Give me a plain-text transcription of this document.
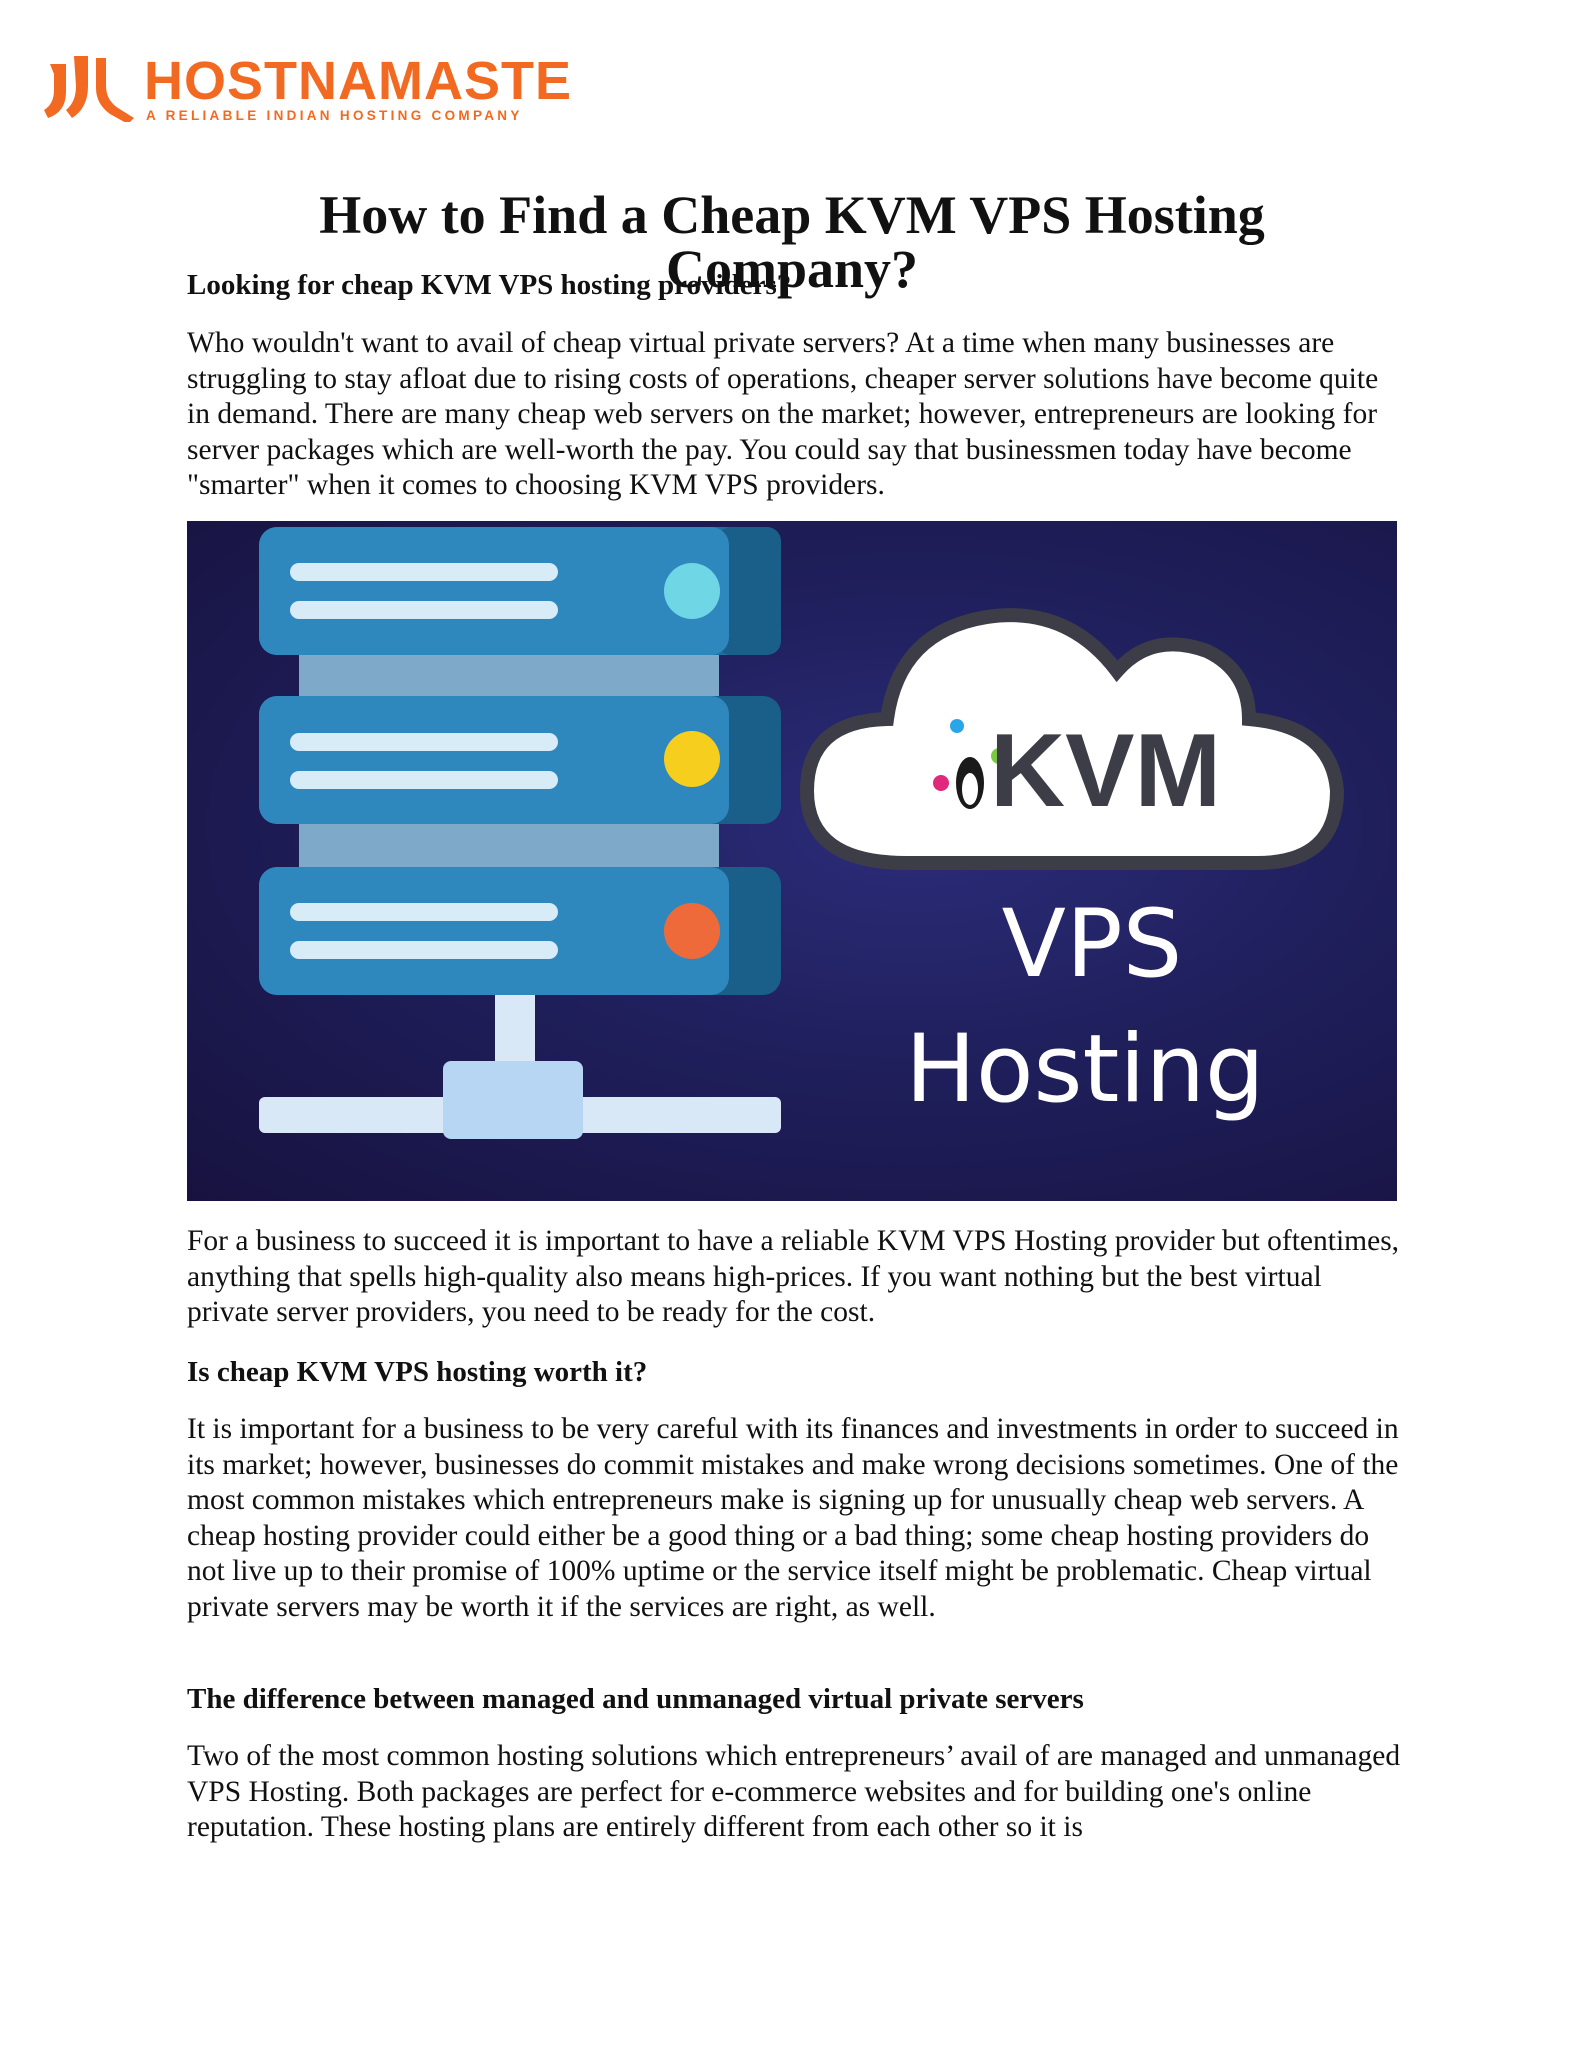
HOSTNAMASTE
A RELIABLE INDIAN HOSTING COMPANY
How to Find a Cheap KVM VPS Hosting Company?
Looking for cheap KVM VPS hosting providers?

Who wouldn't want to avail of cheap virtual private servers? At a time when many businesses are struggling to stay afloat due to rising costs of operations, cheaper server solutions have become quite in demand. There are many cheap web servers on the market; however, entrepreneurs are looking for server packages which are well-worth the pay. You could say that businessmen today have become "smarter" when it comes to choosing KVM VPS providers.

For a business to succeed it is important to have a reliable KVM VPS Hosting provider but oftentimes, anything that spells high-quality also means high-prices. If you want nothing but the best virtual private server providers, you need to be ready for the cost.

Is cheap KVM VPS hosting worth it?

It is important for a business to be very careful with its finances and investments in order to succeed in its market; however, businesses do commit mistakes and make wrong decisions sometimes. One of the most common mistakes which entrepreneurs make is signing up for unusually cheap web servers. A cheap hosting provider could either be a good thing or a bad thing; some cheap hosting providers do not live up to their promise of 100% uptime or the service itself might be problematic. Cheap virtual private servers may be worth it if the services are right, as well.

The difference between managed and unmanaged virtual private servers

Two of the most common hosting solutions which entrepreneurs’ avail of are managed and unmanaged VPS Hosting. Both packages are perfect for e-commerce websites and for building one's online reputation. These hosting plans are entirely different from each other so it is

KVM
VPS
Hosting
